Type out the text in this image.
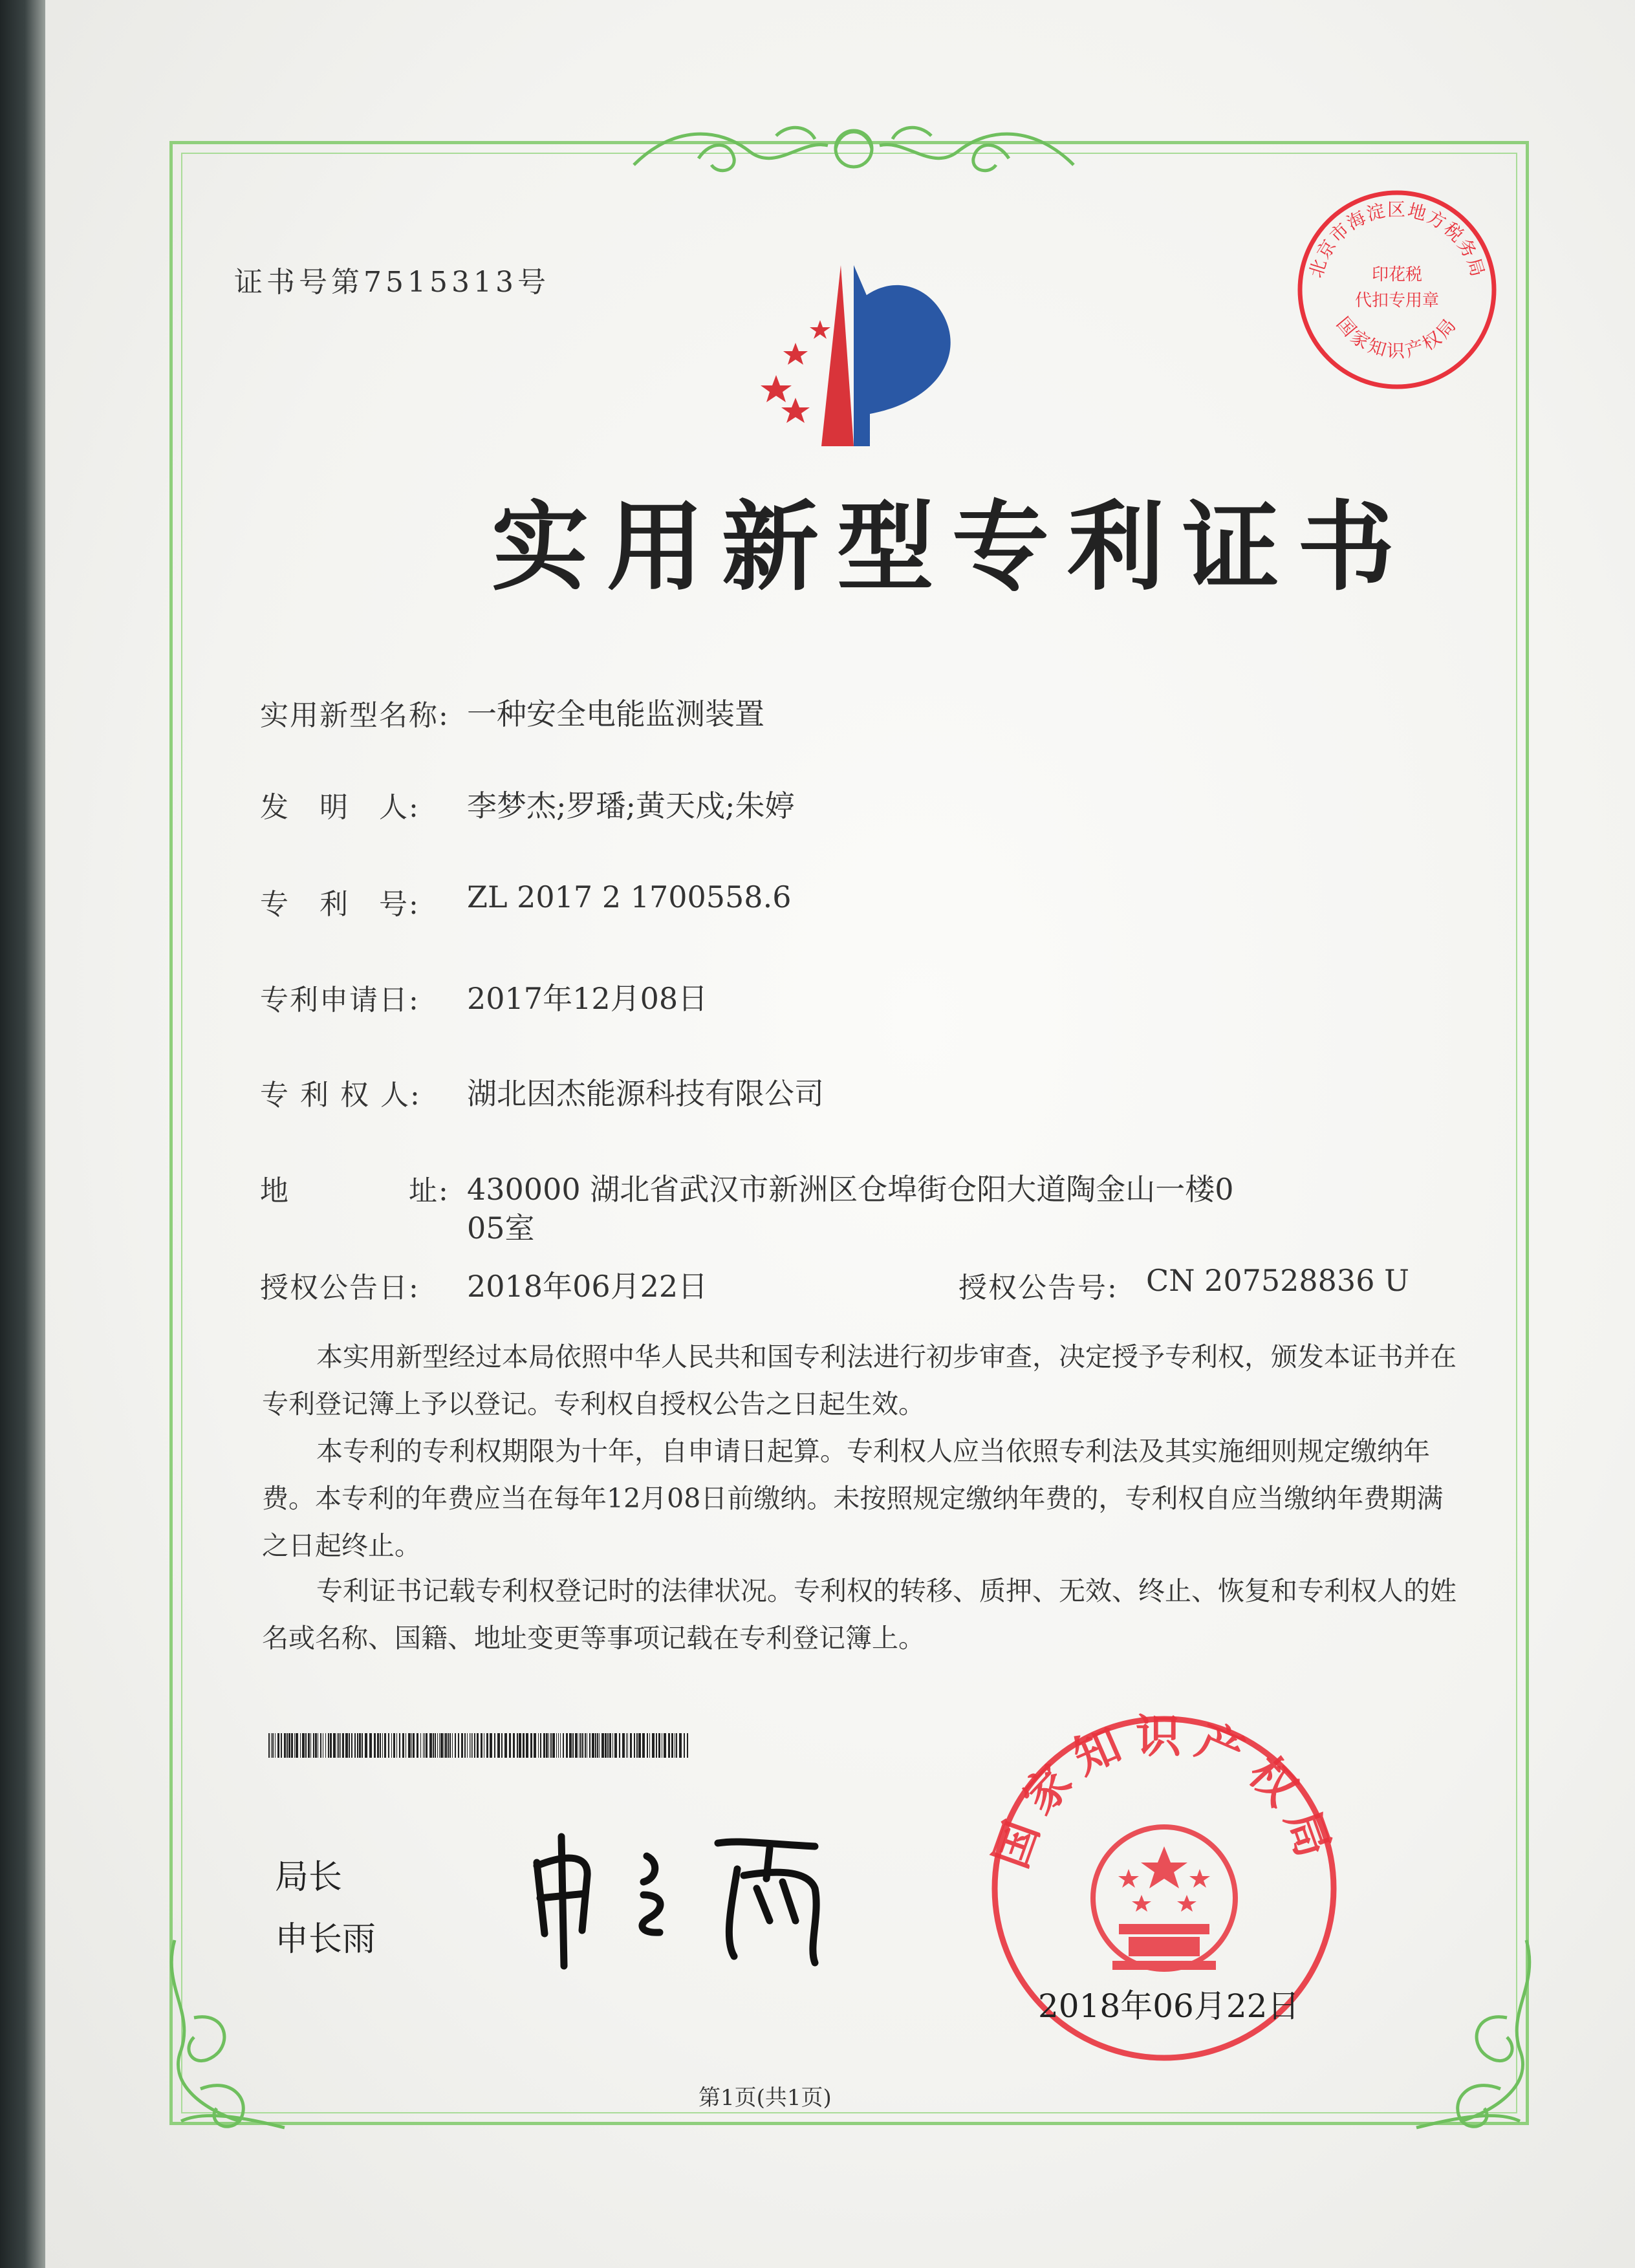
证书号第7515313号	北京市海淀区地方税务局
印花税
代扣专用章
国家知识产权局
实用新型专利证书
实用新型名称: 一种安全电能监测装置
发　明　人: 李梦杰;罗璠;黄天戍;朱婷
专　利　号: ZL 2017 2 1700558.6
专利申请日: 2017年12月08日
专 利 权 人: 湖北因杰能源科技有限公司
地	址: 430000 湖北省武汉市新洲区仓埠街仓阳大道陶金山一楼0
05室
授权公告日: 2018年06月22日	授权公告号: CN 207528836 U
本实用新型经过本局依照中华人民共和国专利法进行初步审查，决定授予专利权，颁发本证书并在专利登记簿上予以登记。专利权自授权公告之日起生效。
本专利的专利权期限为十年，自申请日起算。专利权人应当依照专利法及其实施细则规定缴纳年费。本专利的年费应当在每年12月08日前缴纳。未按照规定缴纳年费的，专利权自应当缴纳年费期满之日起终止。
专利证书记载专利权登记时的法律状况。专利权的转移、质押、无效、终止、恢复和专利权人的姓名或名称、国籍、地址变更等事项记载在专利登记簿上。
局长
申长雨
国家知识产权局
2018年06月22日
第1页(共1页)
